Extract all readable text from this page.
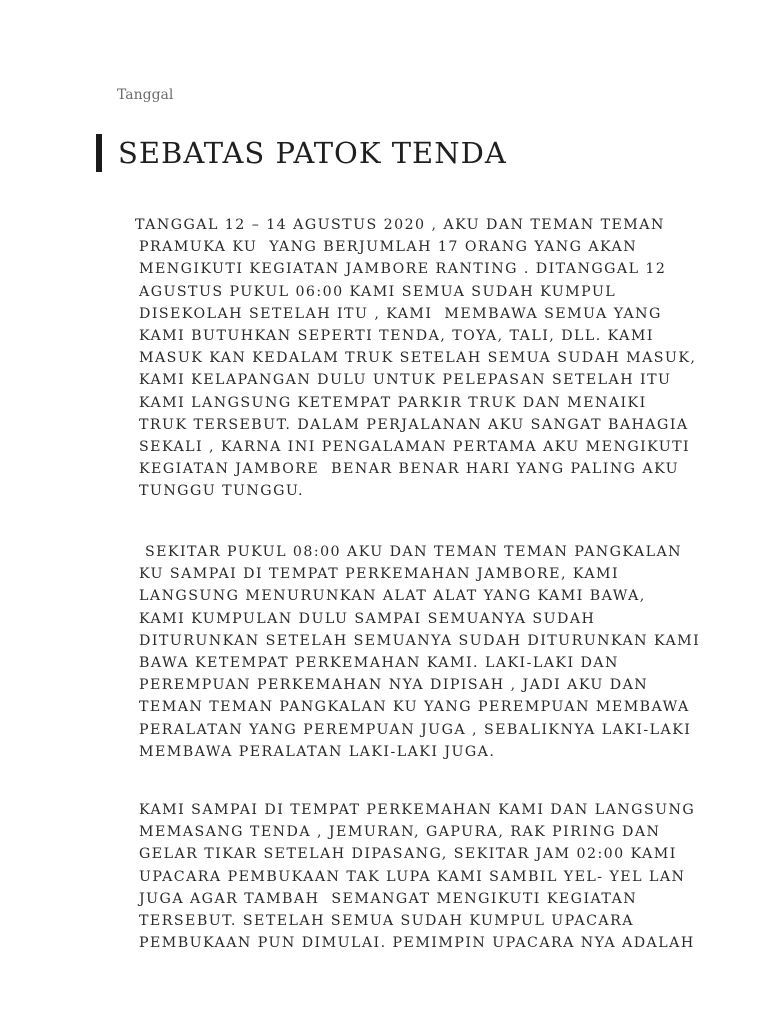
Tanggal
SEBATAS PATOK TENDA
TANGGAL 12 – 14 AGUSTUS 2020 , AKU DAN TEMAN TEMAN
PRAMUKA KU  YANG BERJUMLAH 17 ORANG YANG AKAN
MENGIKUTI KEGIATAN JAMBORE RANTING . DITANGGAL 12
AGUSTUS PUKUL 06:00 KAMI SEMUA SUDAH KUMPUL
DISEKOLAH SETELAH ITU , KAMI  MEMBAWA SEMUA YANG
KAMI BUTUHKAN SEPERTI TENDA, TOYA, TALI, DLL. KAMI
MASUK KAN KEDALAM TRUK SETELAH SEMUA SUDAH MASUK,
KAMI KELAPANGAN DULU UNTUK PELEPASAN SETELAH ITU
KAMI LANGSUNG KETEMPAT PARKIR TRUK DAN MENAIKI
TRUK TERSEBUT. DALAM PERJALANAN AKU SANGAT BAHAGIA
SEKALI , KARNA INI PENGALAMAN PERTAMA AKU MENGIKUTI
KEGIATAN JAMBORE  BENAR BENAR HARI YANG PALING AKU
TUNGGU TUNGGU.
SEKITAR PUKUL 08:00 AKU DAN TEMAN TEMAN PANGKALAN
KU SAMPAI DI TEMPAT PERKEMAHAN JAMBORE, KAMI
LANGSUNG MENURUNKAN ALAT ALAT YANG KAMI BAWA,
KAMI KUMPULAN DULU SAMPAI SEMUANYA SUDAH
DITURUNKAN SETELAH SEMUANYA SUDAH DITURUNKAN KAMI
BAWA KETEMPAT PERKEMAHAN KAMI. LAKI-LAKI DAN
PEREMPUAN PERKEMAHAN NYA DIPISAH , JADI AKU DAN
TEMAN TEMAN PANGKALAN KU YANG PEREMPUAN MEMBAWA
PERALATAN YANG PEREMPUAN JUGA , SEBALIKNYA LAKI-LAKI
MEMBAWA PERALATAN LAKI-LAKI JUGA.
KAMI SAMPAI DI TEMPAT PERKEMAHAN KAMI DAN LANGSUNG
MEMASANG TENDA , JEMURAN, GAPURA, RAK PIRING DAN
GELAR TIKAR SETELAH DIPASANG, SEKITAR JAM 02:00 KAMI
UPACARA PEMBUKAAN TAK LUPA KAMI SAMBIL YEL- YEL LAN
JUGA AGAR TAMBAH  SEMANGAT MENGIKUTI KEGIATAN
TERSEBUT. SETELAH SEMUA SUDAH KUMPUL UPACARA
PEMBUKAAN PUN DIMULAI. PEMIMPIN UPACARA NYA ADALAH
